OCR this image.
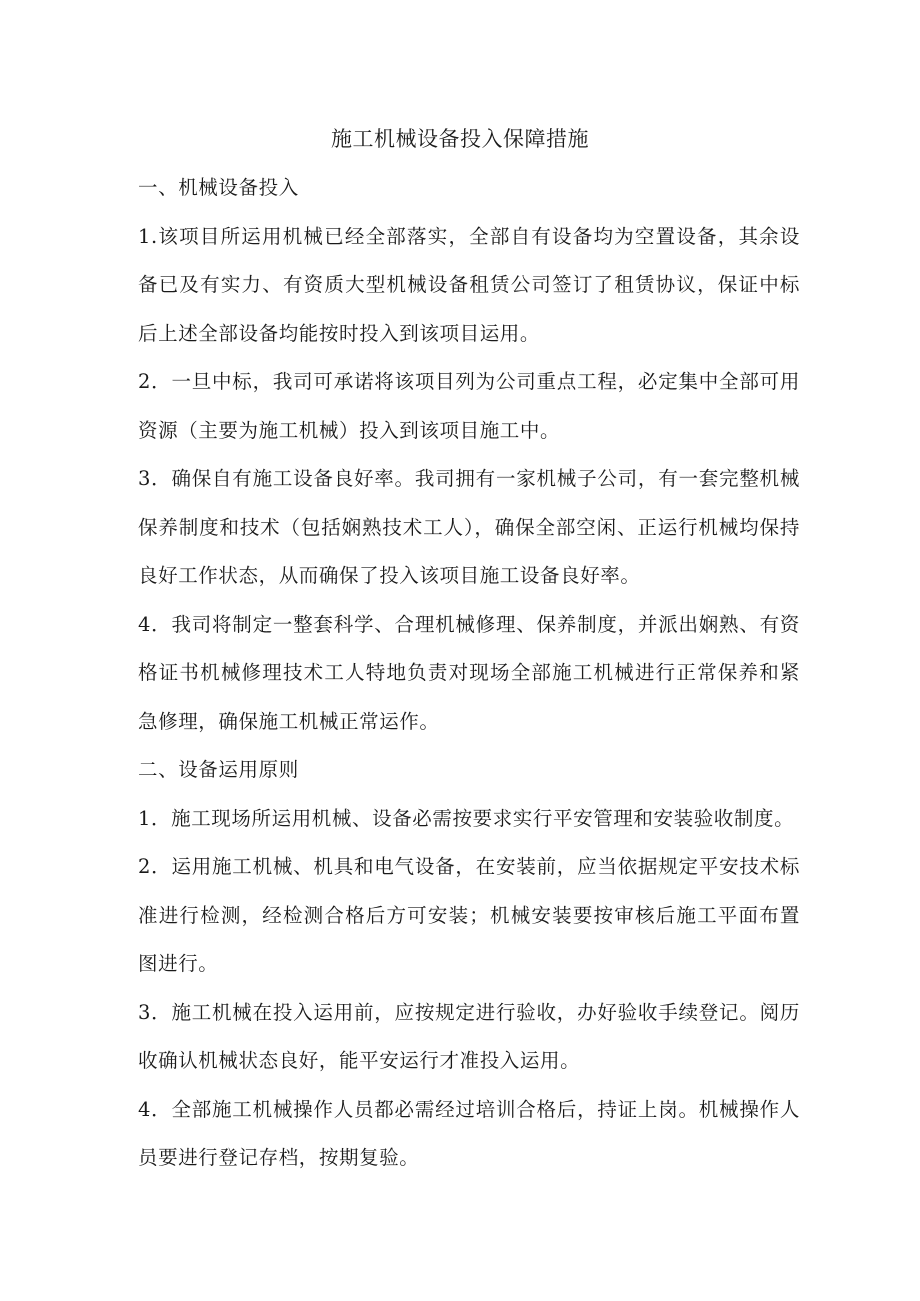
施工机械设备投入保障措施

一、机械设备投入

1.该项目所运用机械已经全部落实，全部自有设备均为空置设备，其余设备已及有实力、有资质大型机械设备租赁公司签订了租赁协议，保证中标后上述全部设备均能按时投入到该项目运用。

2．一旦中标，我司可承诺将该项目列为公司重点工程，必定集中全部可用资源（主要为施工机械）投入到该项目施工中。

3．确保自有施工设备良好率。我司拥有一家机械子公司，有一套完整机械保养制度和技术（包括娴熟技术工人），确保全部空闲、正运行机械均保持良好工作状态，从而确保了投入该项目施工设备良好率。

4．我司将制定一整套科学、合理机械修理、保养制度，并派出娴熟、有资格证书机械修理技术工人特地负责对现场全部施工机械进行正常保养和紧急修理，确保施工机械正常运作。

二、设备运用原则

1．施工现场所运用机械、设备必需按要求实行平安管理和安装验收制度。

2．运用施工机械、机具和电气设备，在安装前，应当依据规定平安技术标准进行检测，经检测合格后方可安装；机械安装要按审核后施工平面布置图进行。

3．施工机械在投入运用前，应按规定进行验收，办好验收手续登记。阅历收确认机械状态良好，能平安运行才准投入运用。

4．全部施工机械操作人员都必需经过培训合格后，持证上岗。机械操作人员要进行登记存档，按期复验。
